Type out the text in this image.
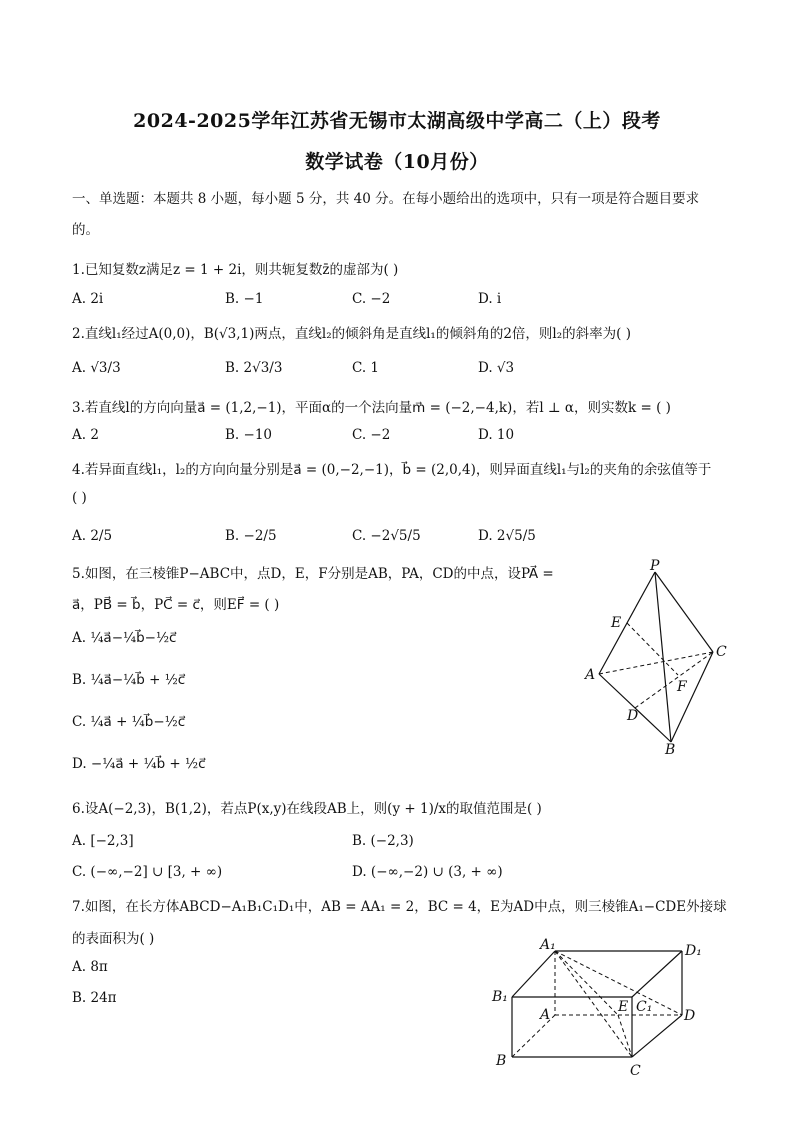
2024-2025学年江苏省无锡市太湖高级中学高二（上）段考
数学试卷（10月份）
一、单选题：本题共 8 小题，每小题 5 分，共 40 分。在每小题给出的选项中，只有一项是符合题目要求
的。
1.已知复数z满足z = 1 + 2i，则共轭复数z̄的虚部为( )
A. 2i	B. −1	C. −2	D. i
2.直线l₁经过A(0,0)，B(√3,1)两点，直线l₂的倾斜角是直线l₁的倾斜角的2倍，则l₂的斜率为( )
A. √3/3	B. 2√3/3	C. 1	D. √3
3.若直线l的方向向量a⃗ = (1,2,−1)，平面α的一个法向量m⃗ = (−2,−4,k)，若l ⊥ α，则实数k = ( )
A. 2	B. −10	C. −2	D. 10
4.若异面直线l₁，l₂的方向向量分别是a⃗ = (0,−2,−1)，b⃗ = (2,0,4)，则异面直线l₁与l₂的夹角的余弦值等于
( )
A. 2/5	B. −2/5	C. −2√5/5	D. 2√5/5
5.如图，在三棱锥P−ABC中，点D，E，F分别是AB，PA，CD的中点，设PA⃗ =
a⃗，PB⃗ = b⃗，PC⃗ = c⃗，则EF⃗ = ( )
A. ¼a⃗−¼b⃗−½c⃗
B. ¼a⃗−¼b⃗ + ½c⃗
C. ¼a⃗ + ¼b⃗−½c⃗
D. −¼a⃗ + ¼b⃗ + ½c⃗
P
E
C
A
F
D
B
6.设A(−2,3)，B(1,2)，若点P(x,y)在线段AB上，则(y + 1)/x的取值范围是( )
A. [−2,3]	B. (−2,3)
C. (−∞,−2] ∪ [3, + ∞)	D. (−∞,−2) ∪ (3, + ∞)
7.如图，在长方体ABCD−A₁B₁C₁D₁中，AB = AA₁ = 2，BC = 4，E为AD中点，则三棱锥A₁−CDE外接球
的表面积为( )
A. 8π
B. 24π
A₁	D₁
B₁
C₁
A	E
D
B
C
